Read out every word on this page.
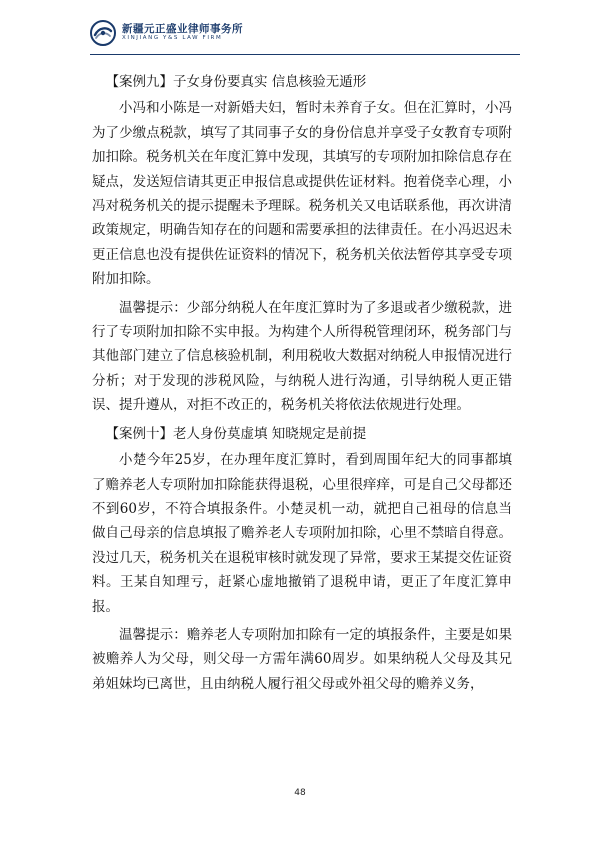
新疆元正盛业律师事务所
XINJIANG Y&S LAW FIRM

【案例九】子女身份要真实 信息核验无遁形

小冯和小陈是一对新婚夫妇，暂时未养育子女。但在汇算时，小冯为了少缴点税款，填写了其同事子女的身份信息并享受子女教育专项附加扣除。税务机关在年度汇算中发现，其填写的专项附加扣除信息存在疑点，发送短信请其更正申报信息或提供佐证材料。抱着侥幸心理，小冯对税务机关的提示提醒未予理睬。税务机关又电话联系他，再次讲清政策规定，明确告知存在的问题和需要承担的法律责任。在小冯迟迟未更正信息也没有提供佐证资料的情况下，税务机关依法暂停其享受专项附加扣除。

温馨提示：少部分纳税人在年度汇算时为了多退或者少缴税款，进行了专项附加扣除不实申报。为构建个人所得税管理闭环，税务部门与其他部门建立了信息核验机制，利用税收大数据对纳税人申报情况进行分析；对于发现的涉税风险，与纳税人进行沟通，引导纳税人更正错误、提升遵从，对拒不改正的，税务机关将依法依规进行处理。

【案例十】老人身份莫虚填 知晓规定是前提

小楚今年25岁，在办理年度汇算时，看到周围年纪大的同事都填了赡养老人专项附加扣除能获得退税，心里很痒痒，可是自己父母都还不到60岁，不符合填报条件。小楚灵机一动，就把自己祖母的信息当做自己母亲的信息填报了赡养老人专项附加扣除，心里不禁暗自得意。没过几天，税务机关在退税审核时就发现了异常，要求王某提交佐证资料。王某自知理亏，赶紧心虚地撤销了退税申请，更正了年度汇算申报。

温馨提示：赡养老人专项附加扣除有一定的填报条件，主要是如果被赡养人为父母，则父母一方需年满60周岁。如果纳税人父母及其兄弟姐妹均已离世，且由纳税人履行祖父母或外祖父母的赡养义务，

48
